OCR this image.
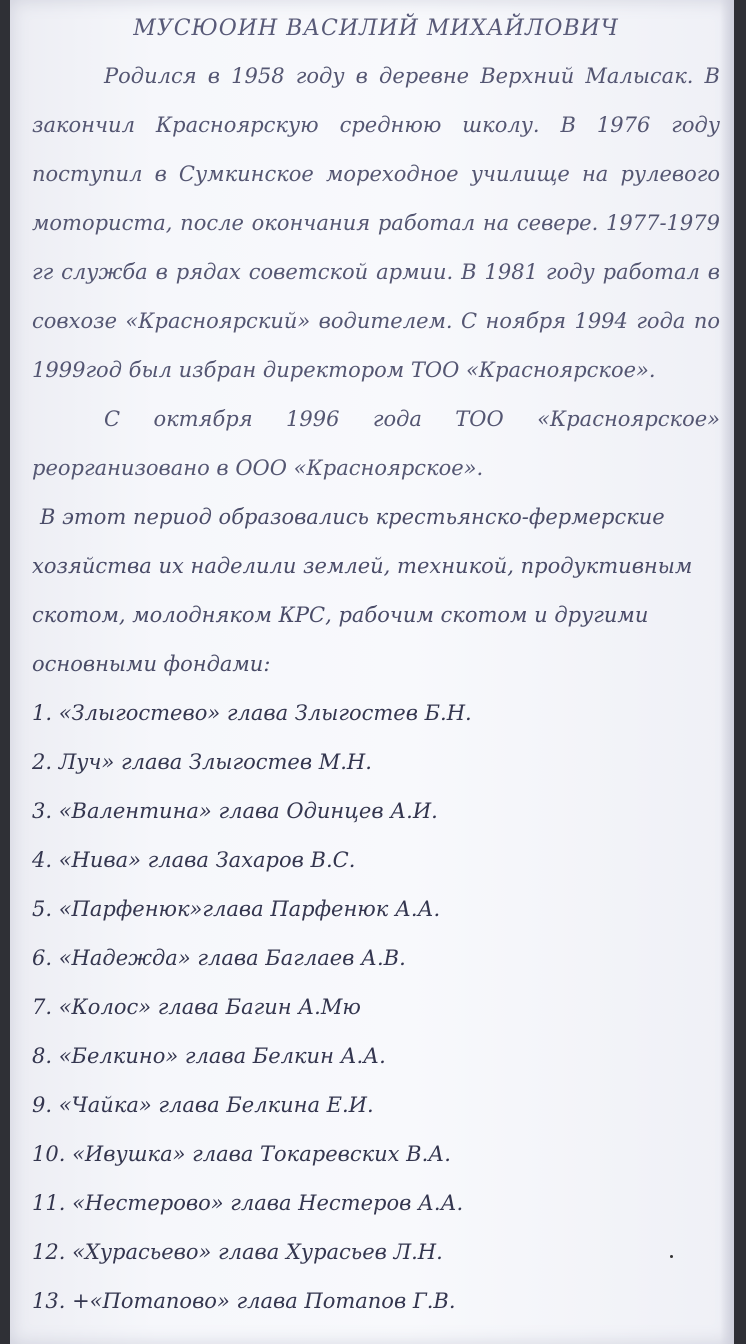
МУСЮОИН ВАСИЛИЙ МИХАЙЛОВИЧ

Родился в 1958 году в деревне Верхний Малысак. В закончил Красноярскую среднюю школу. В 1976 году поступил в Сумкинское мореходное училище на рулевого моториста, после окончания работал на севере. 1977-1979 гг служба в рядах советской армии. В 1981 году работал в совхозе «Красноярский» водителем. С ноября 1994 года по 1999год был избран директором ТОО «Красноярское».

С октября 1996 года ТОО «Красноярское» реорганизовано в ООО «Красноярское».

В этот период образовались крестьянско-фермерские хозяйства их наделили землей, техникой, продуктивным скотом, молодняком КРС, рабочим скотом и другими основными фондами:

1. «Злыгостево» глава Злыгостев Б.Н.
2. Луч» глава Злыгостев М.Н.
3. «Валентина» глава Одинцев А.И.
4. «Нива» глава Захаров В.С.
5. «Парфенюк»глава Парфенюк А.А.
6. «Надежда» глава Баглаев А.В.
7. «Колос» глава Багин А.Мю
8. «Белкино» глава Белкин А.А.
9. «Чайка» глава Белкина Е.И.
10. «Ивушка» глава Токаревских В.А.
11. «Нестерово» глава Нестеров А.А.
12. «Хурасьево» глава Хурасьев Л.Н.
13. +«Потапово» глава Потапов Г.В.
